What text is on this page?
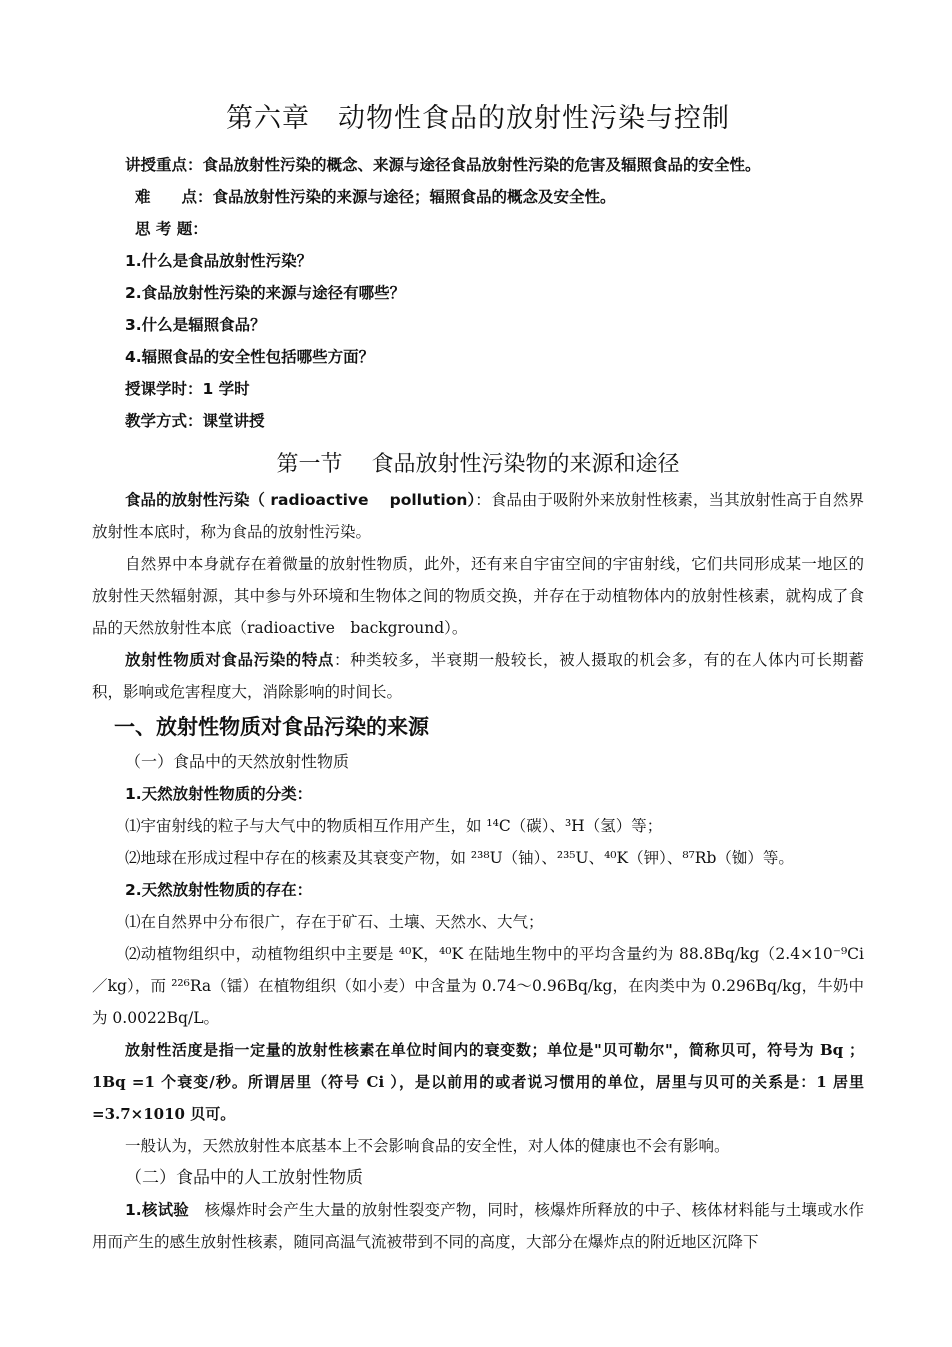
第六章　动物性食品的放射性污染与控制
讲授重点：食品放射性污染的概念、来源与途径食品放射性污染的危害及辐照食品的安全性。
难　　点：食品放射性污染的来源与途径；辐照食品的概念及安全性。
思 考 题：
1.什么是食品放射性污染？
2.食品放射性污染的来源与途径有哪些？
3.什么是辐照食品？
4.辐照食品的安全性包括哪些方面？
授课学时：1 学时
教学方式：课堂讲授
第一节　 食品放射性污染物的来源和途径

食品的放射性污染（ radioactive　 pollution）：食品由于吸附外来放射性核素，当其放射性高于自然界放射性本底时，称为食品的放射性污染。

自然界中本身就存在着微量的放射性物质，此外，还有来自宇宙空间的宇宙射线，它们共同形成某一地区的放射性天然辐射源，其中参与外环境和生物体之间的物质交换，并存在于动植物体内的放射性核素，就构成了食品的天然放射性本底（radioactive　background）。

放射性物质对食品污染的特点：种类较多，半衰期一般较长，被人摄取的机会多，有的在人体内可长期蓄积，影响或危害程度大，消除影响的时间长。

一、放射性物质对食品污染的来源
（一）食品中的天然放射性物质
1.天然放射性物质的分类：
⑴宇宙射线的粒子与大气中的物质相互作用产生，如 ¹⁴C（碳）、³H（氢）等；
⑵地球在形成过程中存在的核素及其衰变产物，如 ²³⁸U（铀）、²³⁵U、⁴⁰K（钾）、⁸⁷Rb（铷）等。
2.天然放射性物质的存在：
⑴在自然界中分布很广，存在于矿石、土壤、天然水、大气；

⑵动植物组织中，动植物组织中主要是 ⁴⁰K，⁴⁰K 在陆地生物中的平均含量约为 88.8Bq/kg（2.4×10⁻⁹Ci／kg），而 ²²⁶Ra（镭）在植物组织（如小麦）中含量为 0.74～0.96Bq/kg，在肉类中为 0.296Bq/kg，牛奶中为 0.0022Bq/L。

放射性活度是指一定量的放射性核素在单位时间内的衰变数；单位是"贝可勒尔"，简称贝可，符号为 Bq ；1Bq =1 个衰变/秒。所谓居里（符号 Ci ），是以前用的或者说习惯用的单位，居里与贝可的关系是：1 居里=3.7×1010 贝可。

一般认为，天然放射性本底基本上不会影响食品的安全性，对人体的健康也不会有影响。

（二）食品中的人工放射性物质

1.核试验　核爆炸时会产生大量的放射性裂变产物，同时，核爆炸所释放的中子、核体材料能与土壤或水作用而产生的感生放射性核素，随同高温气流被带到不同的高度，大部分在爆炸点的附近地区沉降下
